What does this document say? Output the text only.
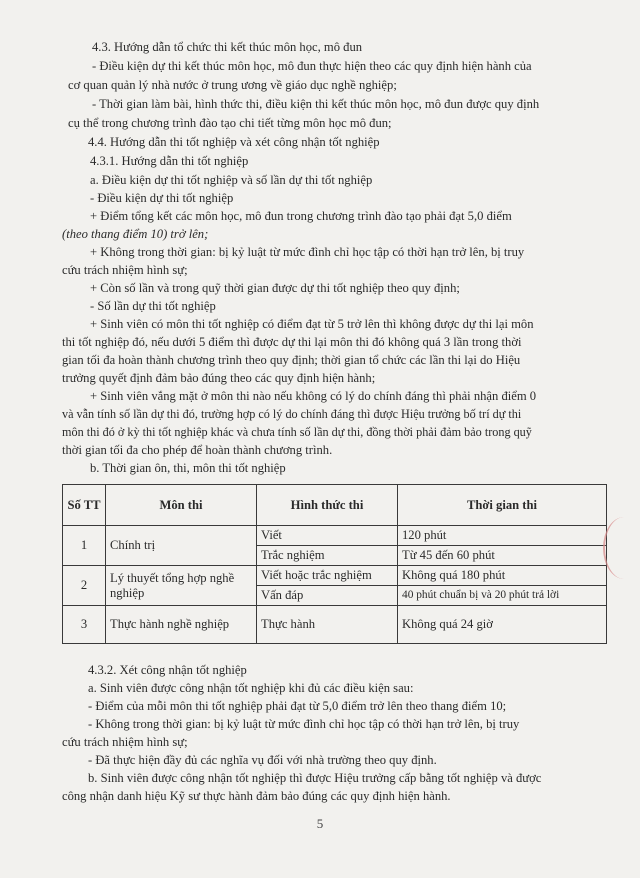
4.3. Hướng dẫn tổ chức thi kết thúc môn học, mô đun
- Điều kiện dự thi kết thúc môn học, mô đun thực hiện theo các quy định hiện hành của
cơ quan quản lý nhà nước ở trung ương về giáo dục nghề nghiệp;
- Thời gian làm bài, hình thức thi, điều kiện thi kết thúc môn học, mô đun được quy định
cụ thể trong chương trình đào tạo chi tiết từng môn học mô đun;
4.4. Hướng dẫn thi tốt nghiệp và xét công nhận tốt nghiệp
4.3.1. Hướng dẫn thi tốt nghiệp
a. Điều kiện dự thi tốt nghiệp và số lần dự thi tốt nghiệp
- Điều kiện dự thi tốt nghiệp
+ Điểm tổng kết các môn học, mô đun trong chương trình đào tạo phải đạt 5,0 điểm
(theo thang điểm 10) trở lên;
+ Không trong thời gian: bị kỷ luật từ mức đình chỉ học tập có thời hạn trở lên, bị truy
cứu trách nhiệm hình sự;
+ Còn số lần và trong quỹ thời gian được dự thi tốt nghiệp theo quy định;
- Số lần dự thi tốt nghiệp
+ Sinh viên có môn thi tốt nghiệp có điểm đạt từ 5 trở lên thì không được dự thi lại môn
thi tốt nghiệp đó, nếu dưới 5 điểm thì được dự thi lại môn thi đó không quá 3 lần trong thời
gian tối đa hoàn thành chương trình theo quy định; thời gian tổ chức các lần thi lại do Hiệu
trưởng quyết định đảm bảo đúng theo các quy định hiện hành;
+ Sinh viên vắng mặt ở môn thi nào nếu không có lý do chính đáng thì phải nhận điểm 0
và vẫn tính số lần dự thi đó, trường hợp có lý do chính đáng thì được Hiệu trưởng bố trí dự thi
môn thi đó ở kỳ thi tốt nghiệp khác và chưa tính số lần dự thi, đồng thời phải đảm bảo trong quỹ
thời gian tối đa cho phép để hoàn thành chương trình.
b. Thời gian ôn, thi, môn thi tốt nghiệp
Số TT	Môn thi	Hình thức thi	Thời gian thi
1	Chính trị	Viết	120 phút
		Trắc nghiệm	Từ 45 đến 60 phút
2	Lý thuyết tổng hợp nghề nghiệp	Viết hoặc trắc nghiệm	Không quá 180 phút
		Vấn đáp	40 phút chuẩn bị và 20 phút trả lời
3	Thực hành nghề nghiệp	Thực hành	Không quá 24 giờ
4.3.2. Xét công nhận tốt nghiệp
a. Sinh viên được công nhận tốt nghiệp khi đủ các điều kiện sau:
- Điểm của mỗi môn thi tốt nghiệp phải đạt từ 5,0 điểm trở lên theo thang điểm 10;
- Không trong thời gian: bị kỷ luật từ mức đình chỉ học tập có thời hạn trở lên, bị truy
cứu trách nhiệm hình sự;
- Đã thực hiện đầy đủ các nghĩa vụ đối với nhà trường theo quy định.
b. Sinh viên được công nhận tốt nghiệp thì được Hiệu trưởng cấp bằng tốt nghiệp và được
công nhận danh hiệu Kỹ sư thực hành đảm bảo đúng các quy định hiện hành.
5
